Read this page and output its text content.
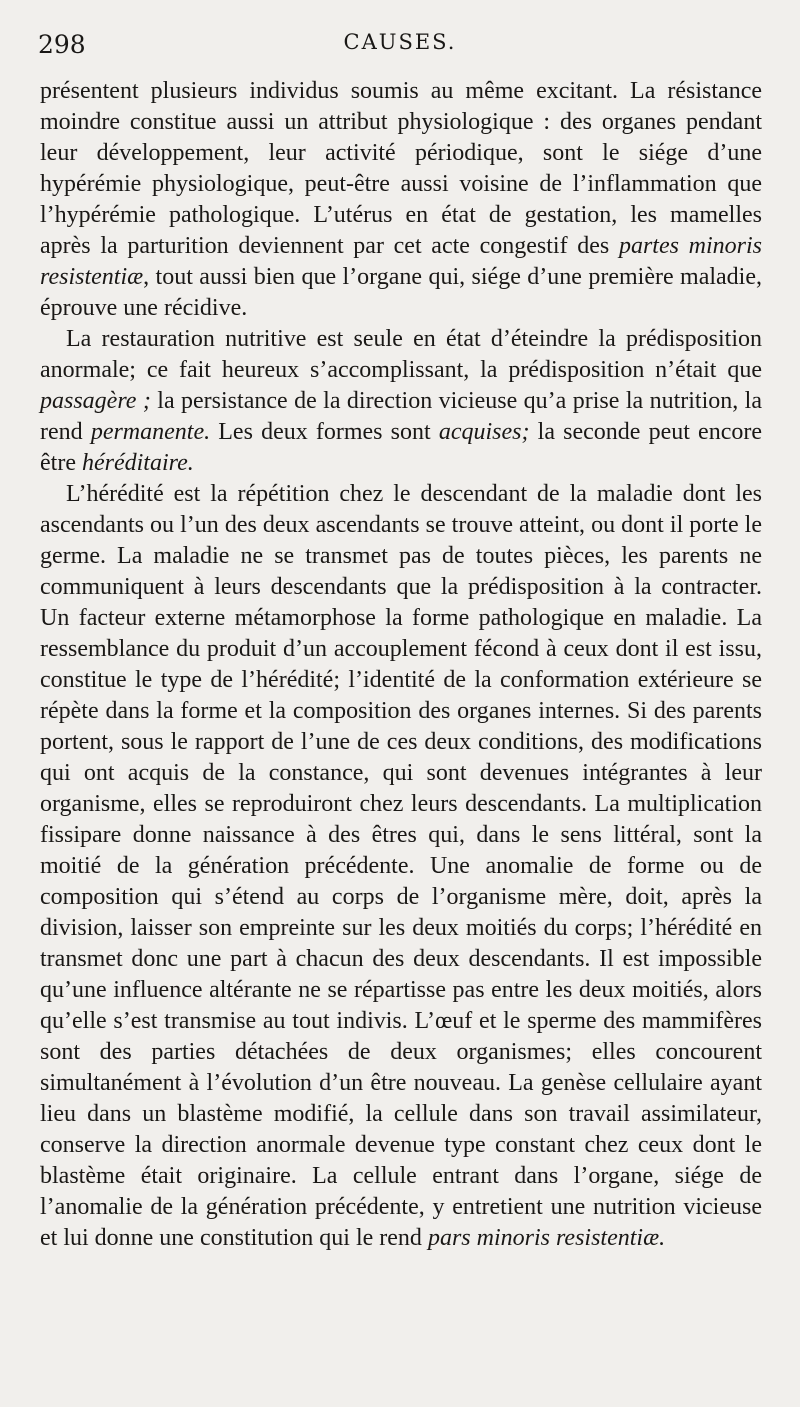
298	CAUSES.

présentent plusieurs individus soumis au même excitant. La résistance moindre constitue aussi un attribut physiologique : des organes pendant leur développement, leur activité périodique, sont le siége d’une hypérémie physiologique, peut-être aussi voisine de l’inflammation que l’hypérémie pathologique. L’utérus en état de gestation, les mamelles après la parturition deviennent par cet acte congestif des partes minoris resistentiæ, tout aussi bien que l’organe qui, siége d’une première maladie, éprouve une récidive.

La restauration nutritive est seule en état d’éteindre la prédisposition anormale; ce fait heureux s’accomplissant, la prédisposition n’était que passagère ; la persistance de la direction vicieuse qu’a prise la nutrition, la rend permanente. Les deux formes sont acquises; la seconde peut encore être héréditaire.

L’hérédité est la répétition chez le descendant de la maladie dont les ascendants ou l’un des deux ascendants se trouve atteint, ou dont il porte le germe. La maladie ne se transmet pas de toutes pièces, les parents ne communiquent à leurs descendants que la prédisposition à la contracter. Un facteur externe métamorphose la forme pathologique en maladie. La ressemblance du produit d’un accouplement fécond à ceux dont il est issu, constitue le type de l’hérédité; l’identité de la conformation extérieure se répète dans la forme et la composition des organes internes. Si des parents portent, sous le rapport de l’une de ces deux conditions, des modifications qui ont acquis de la constance, qui sont devenues intégrantes à leur organisme, elles se reproduiront chez leurs descendants. La multiplication fissipare donne naissance à des êtres qui, dans le sens littéral, sont la moitié de la génération précédente. Une anomalie de forme ou de composition qui s’étend au corps de l’organisme mère, doit, après la division, laisser son empreinte sur les deux moitiés du corps; l’hérédité en transmet donc une part à chacun des deux descendants. Il est impossible qu’une influence altérante ne se répartisse pas entre les deux moitiés, alors qu’elle s’est transmise au tout indivis. L’œuf et le sperme des mammifères sont des parties détachées de deux organismes; elles concourent simultanément à l’évolution d’un être nouveau. La genèse cellulaire ayant lieu dans un blastème modifié, la cellule dans son travail assimilateur, conserve la direction anormale devenue type constant chez ceux dont le blastème était originaire. La cellule entrant dans l’organe, siége de l’anomalie de la génération précédente, y entretient une nutrition vicieuse et lui donne une constitution qui le rend pars minoris resistentiæ.
